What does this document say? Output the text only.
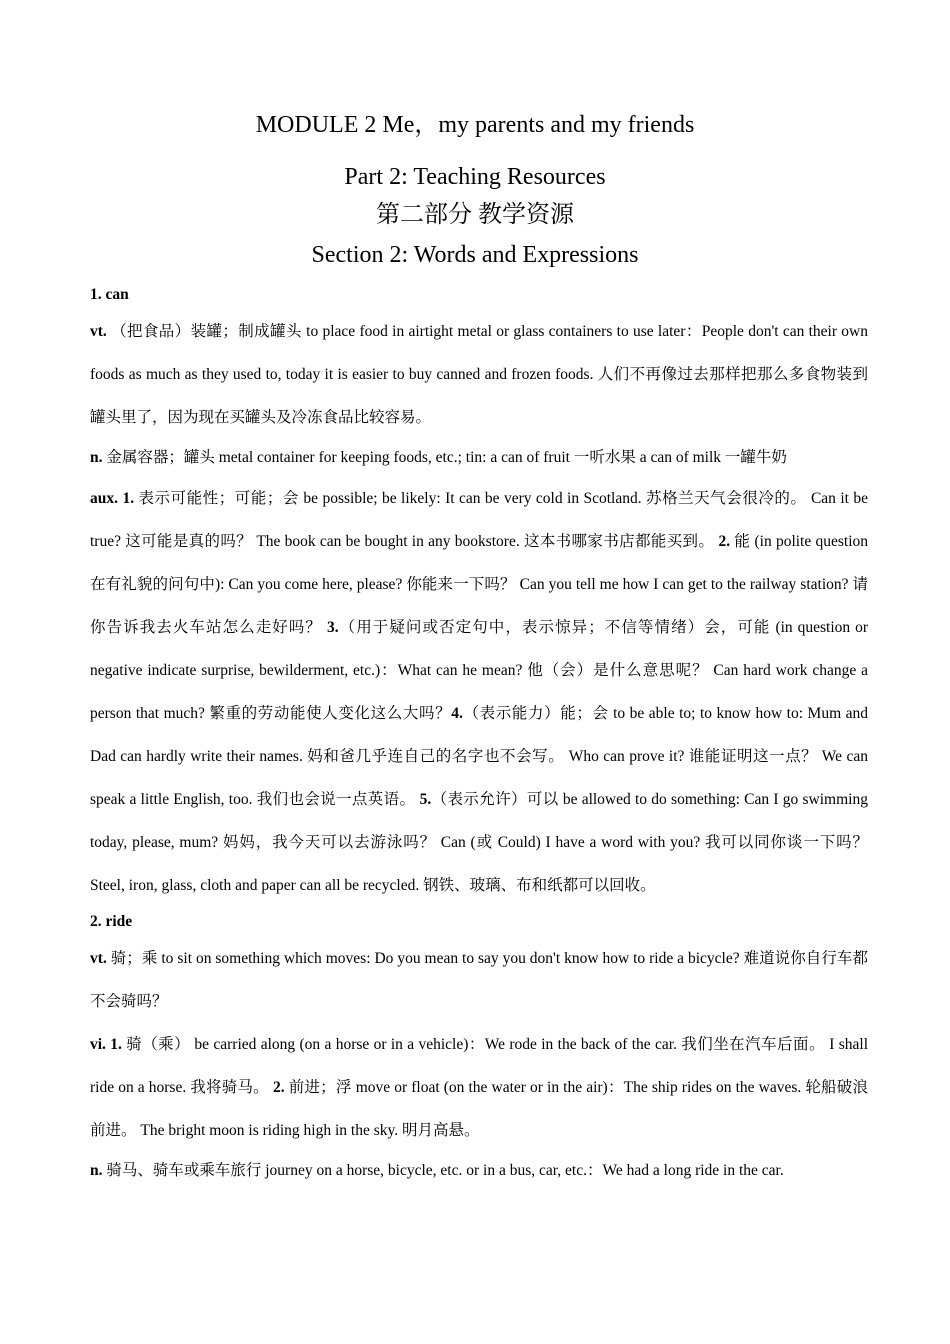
MODULE 2 Me，my parents and my friends
Part 2: Teaching Resources
第二部分 教学资源
Section 2: Words and Expressions

1. can

vt. （把食品）装罐；制成罐头 to place food in airtight metal or glass containers to use later：People don't can their own foods as much as they used to, today it is easier to buy canned and frozen foods. 人们不再像过去那样把那么多食物装到罐头里了，因为现在买罐头及冷冻食品比较容易。

n. 金属容器；罐头 metal container for keeping foods, etc.; tin: a can of fruit 一听水果 a can of milk 一罐牛奶

aux. 1. 表示可能性；可能；会 be possible; be likely: It can be very cold in Scotland. 苏格兰天气会很冷的。 Can it be true? 这可能是真的吗？ The book can be bought in any bookstore. 这本书哪家书店都能买到。 2. 能 (in polite question 在有礼貌的问句中): Can you come here, please? 你能来一下吗？ Can you tell me how I can get to the railway station? 请你告诉我去火车站怎么走好吗？ 3.（用于疑问或否定句中，表示惊异；不信等情绪）会，可能 (in question or negative indicate surprise, bewilderment, etc.)：What can he mean? 他（会）是什么意思呢？ Can hard work change a person that much? 繁重的劳动能使人变化这么大吗？4.（表示能力）能；会 to be able to; to know how to: Mum and Dad can hardly write their names. 妈和爸几乎连自己的名字也不会写。 Who can prove it? 谁能证明这一点？ We can speak a little English, too. 我们也会说一点英语。 5.（表示允许）可以 be allowed to do something: Can I go swimming today, please, mum? 妈妈，我今天可以去游泳吗？ Can (或 Could) I have a word with you? 我可以同你谈一下吗？ Steel, iron, glass, cloth and paper can all be recycled. 钢铁、玻璃、布和纸都可以回收。

2. ride

vt. 骑；乘 to sit on something which moves: Do you mean to say you don't know how to ride a bicycle? 难道说你自行车都不会骑吗？

vi. 1. 骑（乘） be carried along (on a horse or in a vehicle)：We rode in the back of the car. 我们坐在汽车后面。 I shall ride on a horse. 我将骑马。 2. 前进；浮 move or float (on the water or in the air)：The ship rides on the waves. 轮船破浪前进。 The bright moon is riding high in the sky. 明月高悬。

n. 骑马、骑车或乘车旅行 journey on a horse, bicycle, etc. or in a bus, car, etc.：We had a long ride in the car.
